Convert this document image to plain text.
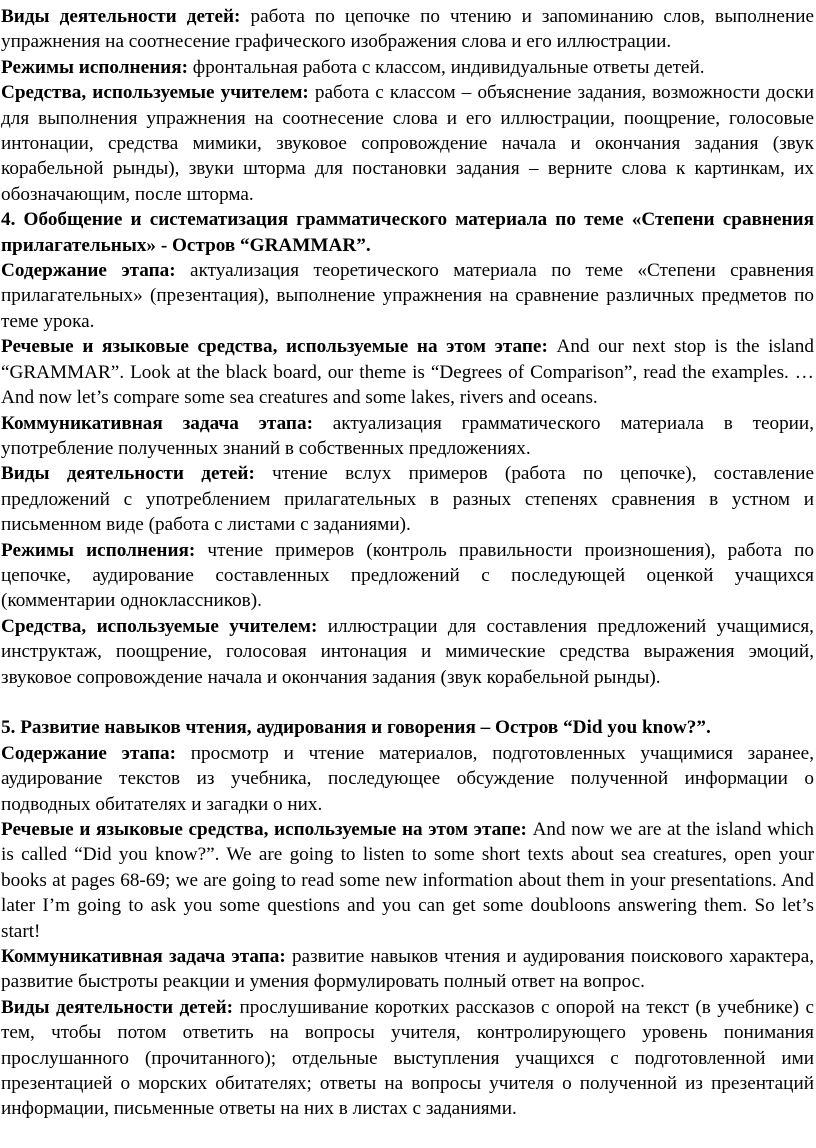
Виды деятельности детей: работа по цепочке по чтению и запоминанию слов, выполнение упражнения на соотнесение графического изображения слова и его иллюстрации.

Режимы исполнения: фронтальная работа с классом, индивидуальные ответы детей.

Средства, используемые учителем: работа с классом – объяснение задания, возможности доски для выполнения упражнения на соотнесение слова и его иллюстрации, поощрение, голосовые интонации, средства мимики, звуковое сопровождение начала и окончания задания (звук корабельной рынды), звуки шторма для постановки задания – верните слова к картинкам, их обозначающим, после шторма.

4. Обобщение и систематизация грамматического материала по теме «Степени сравнения прилагательных» - Остров “GRAMMAR”.

Содержание этапа: актуализация теоретического материала по теме «Степени сравнения прилагательных» (презентация), выполнение упражнения на сравнение различных предметов по теме урока.

Речевые и языковые средства, используемые на этом этапе: And our next stop is the island “GRAMMAR”. Look at the black board, our theme is “Degrees of Comparison”, read the examples. … And now let’s compare some sea creatures and some lakes, rivers and oceans.

Коммуникативная задача этапа: актуализация грамматического материала в теории, употребление полученных знаний в собственных предложениях.

Виды деятельности детей: чтение вслух примеров (работа по цепочке), составление предложений с употреблением прилагательных в разных степенях сравнения в устном и письменном виде (работа с листами с заданиями).

Режимы исполнения: чтение примеров (контроль правильности произношения), работа по цепочке, аудирование составленных предложений с последующей оценкой учащихся (комментарии одноклассников).

Средства, используемые учителем: иллюстрации для составления предложений учащимися, инструктаж, поощрение, голосовая интонация и мимические средства выражения эмоций, звуковое сопровождение начала и окончания задания (звук корабельной рынды).

5. Развитие навыков чтения, аудирования и говорения – Остров “Did you know?”.

Содержание этапа: просмотр и чтение материалов, подготовленных учащимися заранее, аудирование текстов из учебника, последующее обсуждение полученной информации о подводных обитателях и загадки о них.

Речевые и языковые средства, используемые на этом этапе: And now we are at the island which is called “Did you know?”. We are going to listen to some short texts about sea creatures, open your books at pages 68-69; we are going to read some new information about them in your presentations. And later I’m going to ask you some questions and you can get some doubloons answering them. So let’s start!

Коммуникативная задача этапа: развитие навыков чтения и аудирования поискового характера, развитие быстроты реакции и умения формулировать полный ответ на вопрос.

Виды деятельности детей: прослушивание коротких рассказов с опорой на текст (в учебнике) с тем, чтобы потом ответить на вопросы учителя, контролирующего уровень понимания прослушанного (прочитанного); отдельные выступления учащихся с подготовленной ими презентацией о морских обитателях; ответы на вопросы учителя о полученной из презентаций информации, письменные ответы на них в листах с заданиями.
